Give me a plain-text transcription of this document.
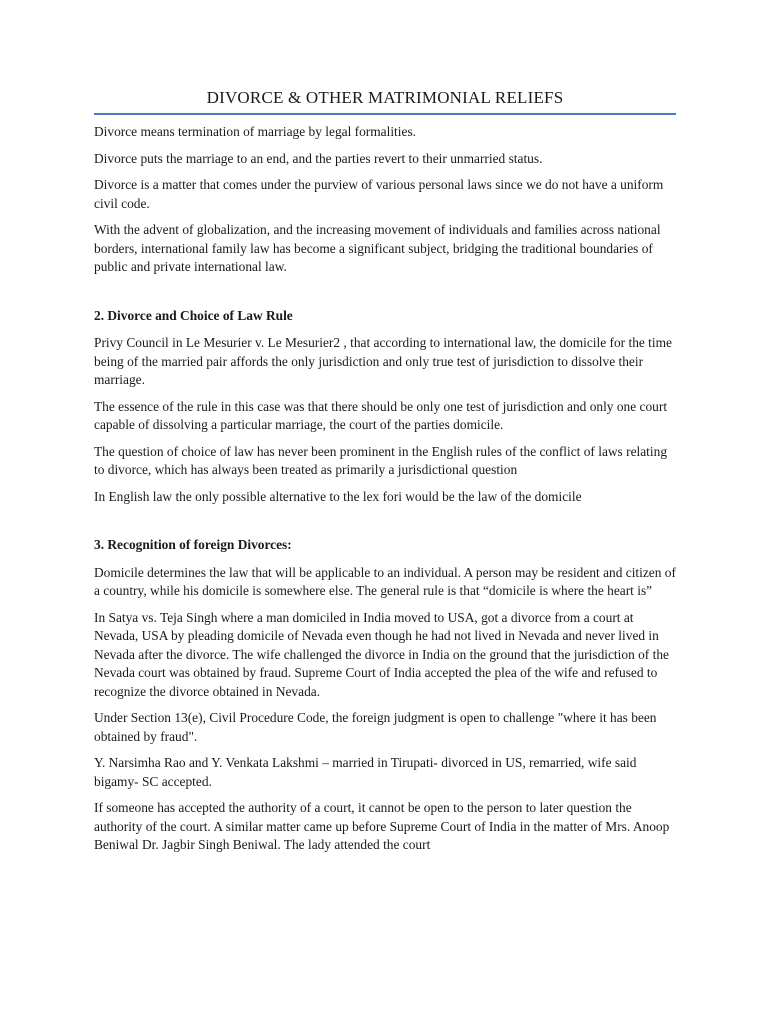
DIVORCE & OTHER MATRIMONIAL RELIEFS

Divorce means termination of marriage by legal formalities.

Divorce puts the marriage to an end, and the parties revert to their unmarried status.

Divorce is a matter that comes under the purview of various personal laws since we do not have a uniform civil code.

With the advent of globalization, and the increasing movement of individuals and families across national borders, international family law has become a significant subject, bridging the traditional boundaries of public and private international law.

2. Divorce and Choice of Law Rule

Privy Council in Le Mesurier v. Le Mesurier2 , that according to international law, the domicile for the time being of the married pair affords the only jurisdiction and only true test of jurisdiction to dissolve their marriage.

The essence of the rule in this case was that there should be only one test of jurisdiction and only one court capable of dissolving a particular marriage, the court of the parties domicile.

The question of choice of law has never been prominent in the English rules of the conflict of laws relating to divorce, which has always been treated as primarily a jurisdictional question

In English law the only possible alternative to the lex fori would be the law of the domicile

3. Recognition of foreign Divorces:

Domicile determines the law that will be applicable to an individual. A person may be resident and citizen of a country, while his domicile is somewhere else. The general rule is that “domicile is where the heart is”

In Satya vs. Teja Singh where a man domiciled in India moved to USA, got a divorce from a court at Nevada, USA by pleading domicile of Nevada even though he had not lived in Nevada and never lived in Nevada after the divorce. The wife challenged the divorce in India on the ground that the jurisdiction of the Nevada court was obtained by fraud. Supreme Court of India accepted the plea of the wife and refused to recognize the divorce obtained in Nevada.

Under Section 13(e), Civil Procedure Code, the foreign judgment is open to challenge "where it has been obtained by fraud".

Y. Narsimha Rao and Y. Venkata Lakshmi – married in Tirupati- divorced in US, remarried, wife said bigamy- SC accepted.

If someone has accepted the authority of a court, it cannot be open to the person to later question the authority of the court. A similar matter came up before Supreme Court of India in the matter of Mrs. Anoop Beniwal Dr. Jagbir Singh Beniwal. The lady attended the court
